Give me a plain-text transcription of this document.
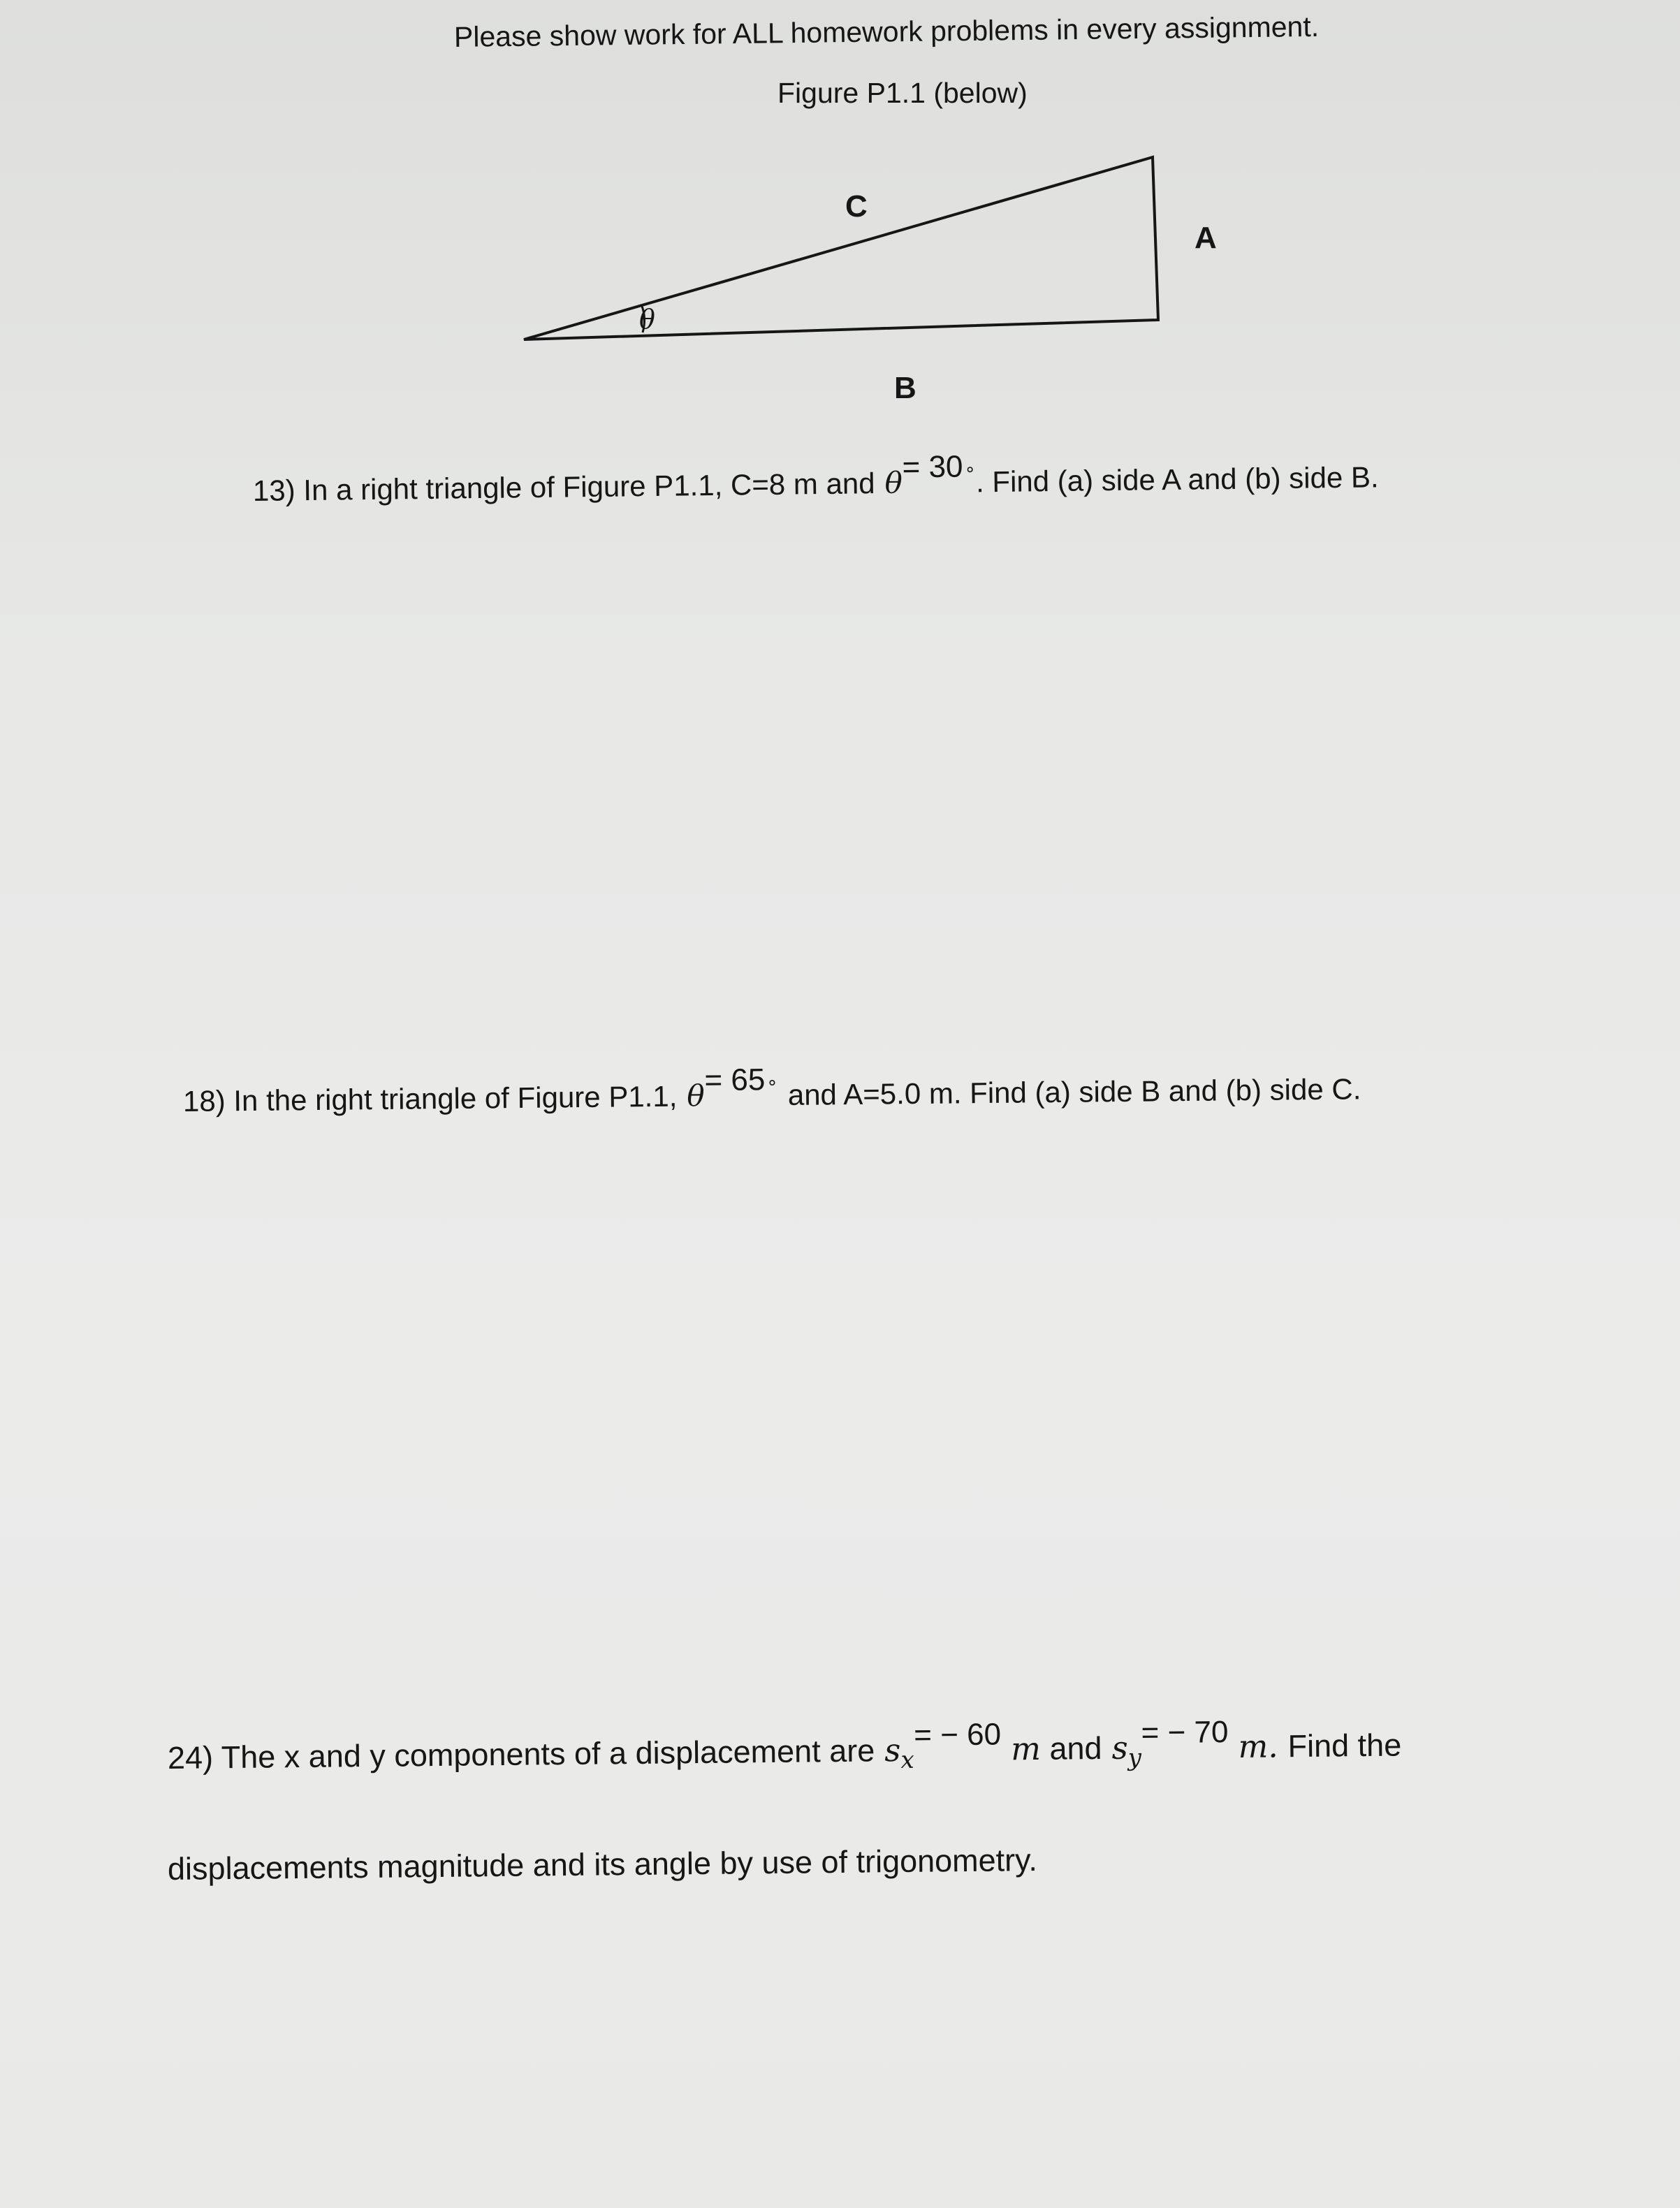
Please show work for ALL homework problems in every assignment.
Figure P1.1 (below)
C
A
B
θ
13) In a right triangle of Figure P1.1, C=8 m and θ= 30∘. Find (a) side A and (b) side B.
18) In the right triangle of Figure P1.1, θ= 65∘ and A=5.0 m. Find (a) side B and (b) side C.
24) The x and y components of a displacement are $s_x= - 60$ m and $s_y= - 70$ m. Find the
displacements magnitude and its angle by use of trigonometry.
